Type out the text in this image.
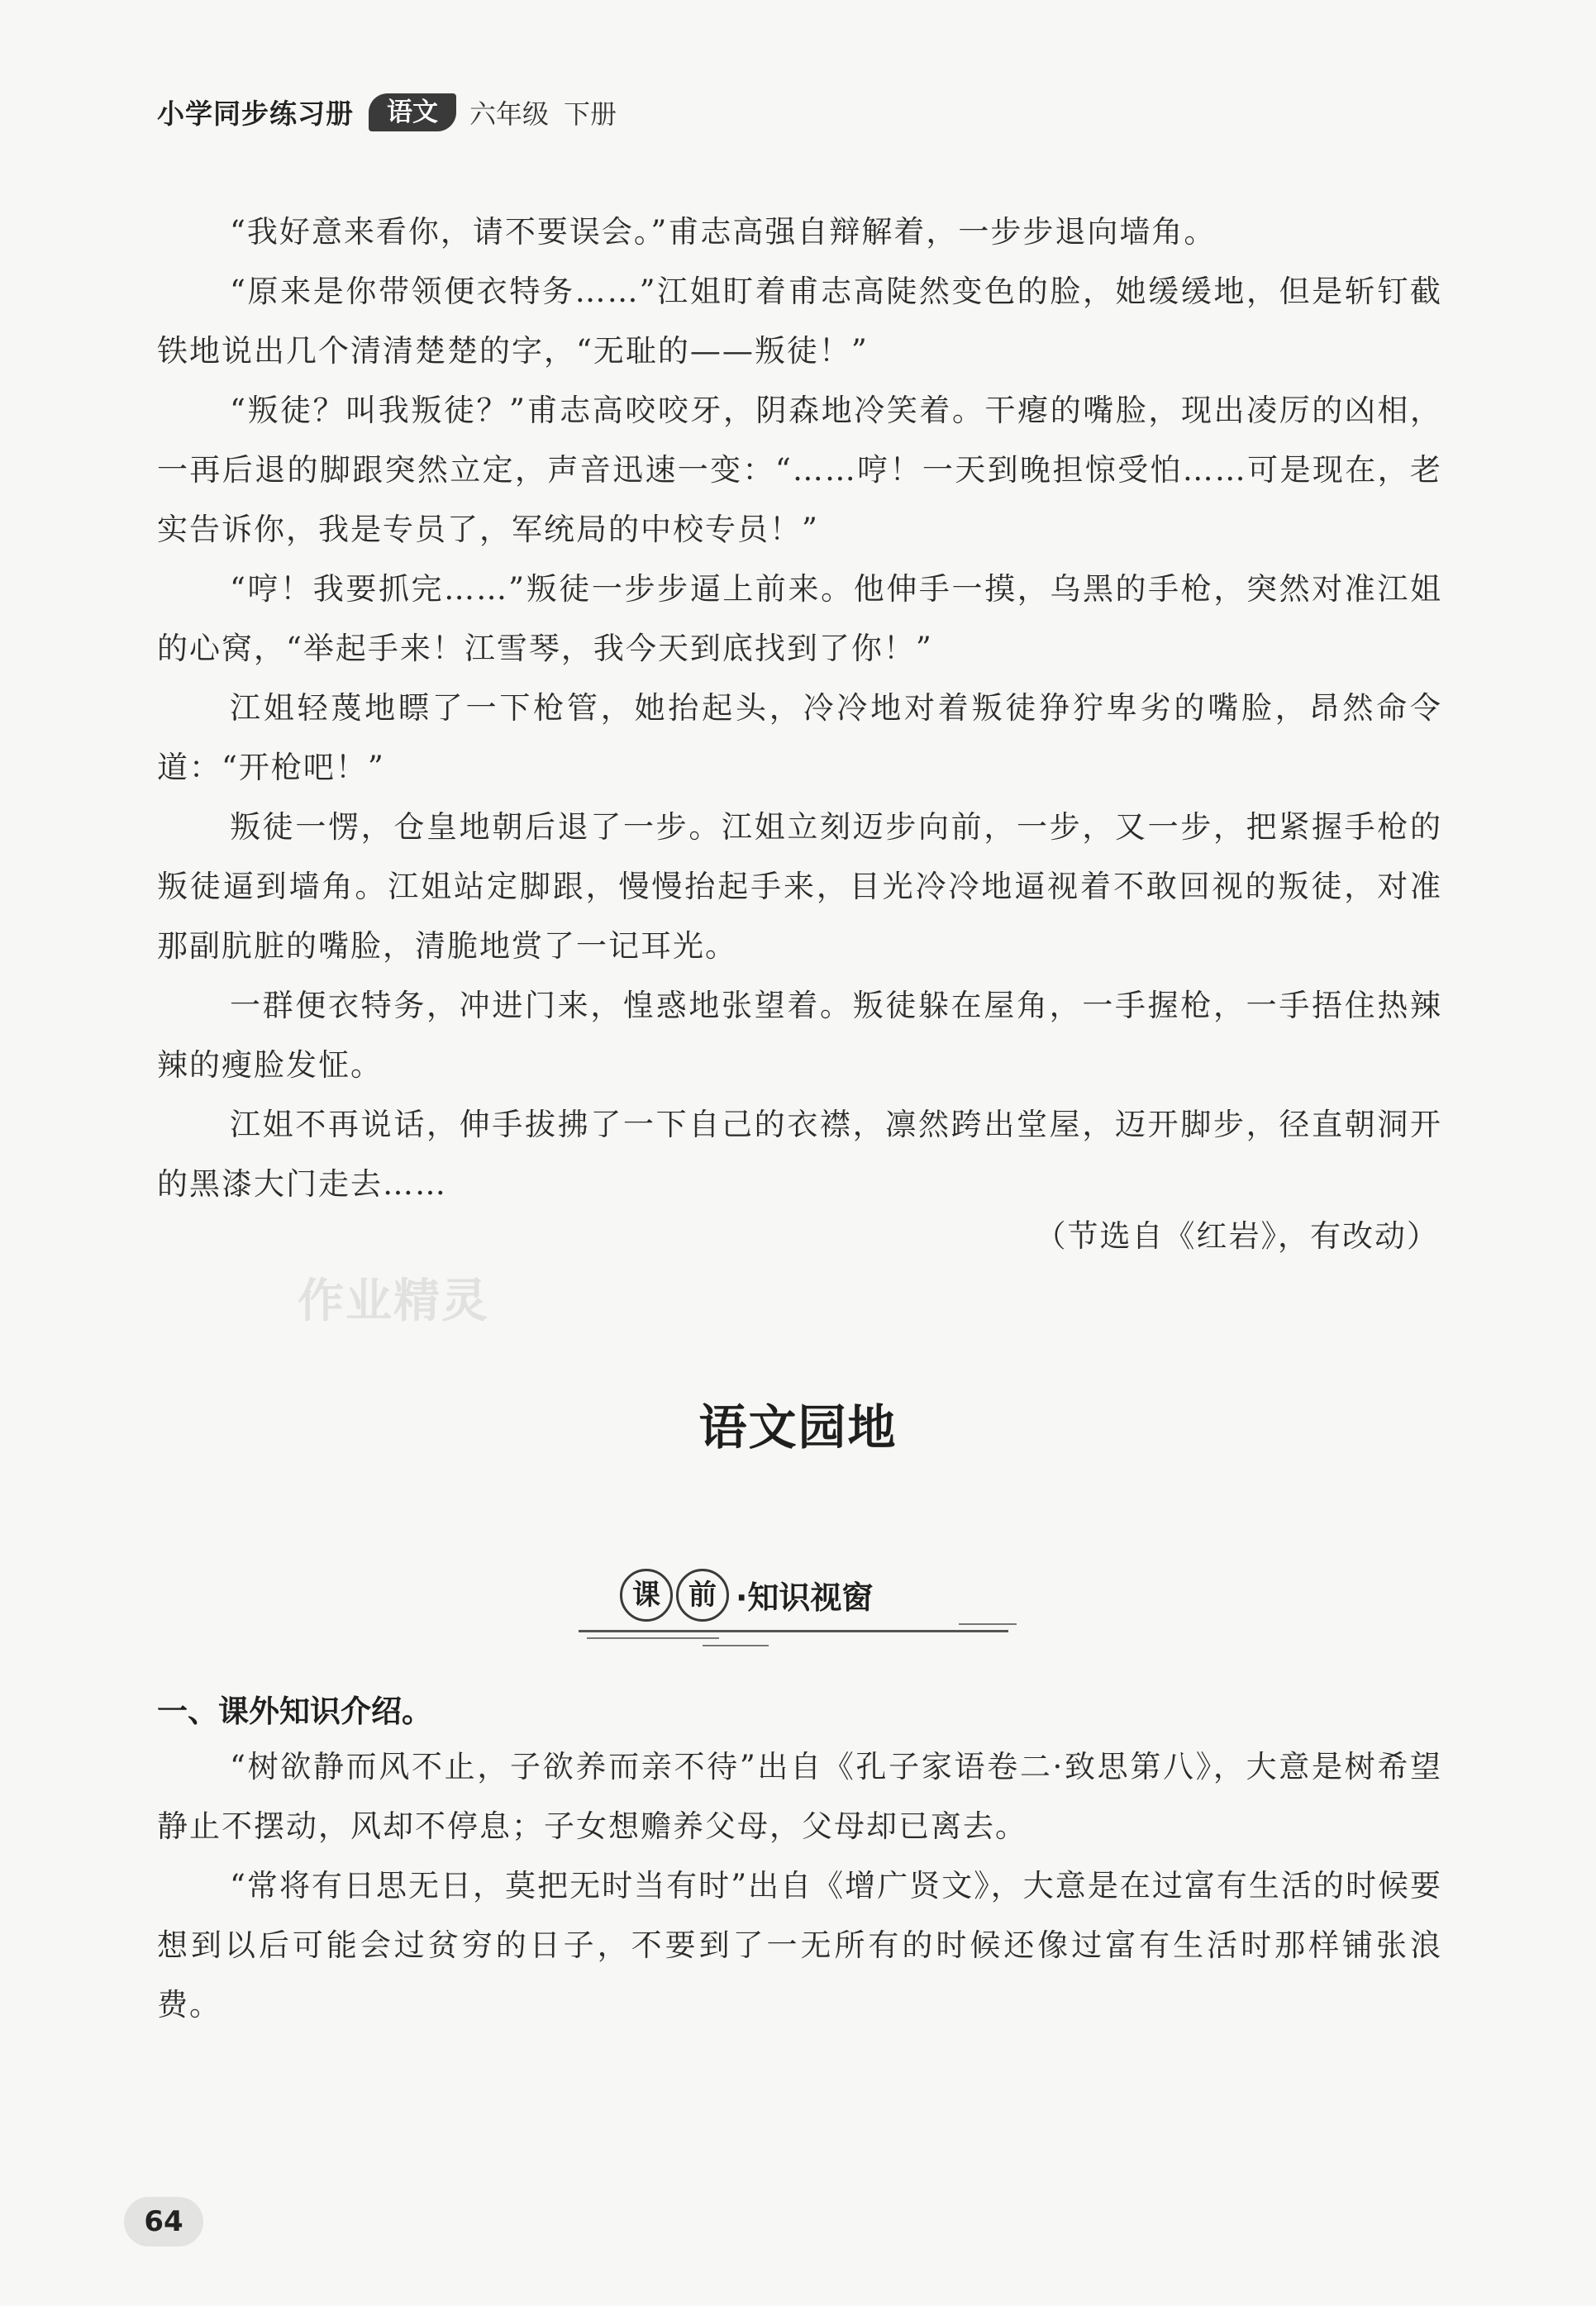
小学同步练习册	语文	六年级 下册

“我好意来看你，请不要误会。”甫志高强自辩解着，一步步退向墙角。

“原来是你带领便衣特务……”江姐盯着甫志高陡然变色的脸，她缓缓地，但是斩钉截铁地说出几个清清楚楚的字，“无耻的——叛徒！”

“叛徒？叫我叛徒？”甫志高咬咬牙，阴森地冷笑着。干瘪的嘴脸，现出凌厉的凶相，一再后退的脚跟突然立定，声音迅速一变：“……哼！一天到晚担惊受怕……可是现在，老实告诉你，我是专员了，军统局的中校专员！”

“哼！我要抓完……”叛徒一步步逼上前来。他伸手一摸，乌黑的手枪，突然对准江姐的心窝，“举起手来！江雪琴，我今天到底找到了你！”

江姐轻蔑地瞟了一下枪管，她抬起头，冷冷地对着叛徒狰狞卑劣的嘴脸，昂然命令道：“开枪吧！”

叛徒一愣，仓皇地朝后退了一步。江姐立刻迈步向前，一步，又一步，把紧握手枪的叛徒逼到墙角。江姐站定脚跟，慢慢抬起手来，目光冷冷地逼视着不敢回视的叛徒，对准那副肮脏的嘴脸，清脆地赏了一记耳光。

一群便衣特务，冲进门来，惶惑地张望着。叛徒躲在屋角，一手握枪，一手捂住热辣辣的瘦脸发怔。

江姐不再说话，伸手拔拂了一下自己的衣襟，凛然跨出堂屋，迈开脚步，径直朝洞开的黑漆大门走去……

（节选自《红岩》，有改动）
作业精灵
语文园地
课	前 ·知识视窗
一、课外知识介绍。

“树欲静而风不止，子欲养而亲不待”出自《孔子家语卷二·致思第八》，大意是树希望静止不摆动，风却不停息；子女想赡养父母，父母却已离去。

“常将有日思无日，莫把无时当有时”出自《增广贤文》，大意是在过富有生活的时候要想到以后可能会过贫穷的日子，不要到了一无所有的时候还像过富有生活时那样铺张浪费。

64
